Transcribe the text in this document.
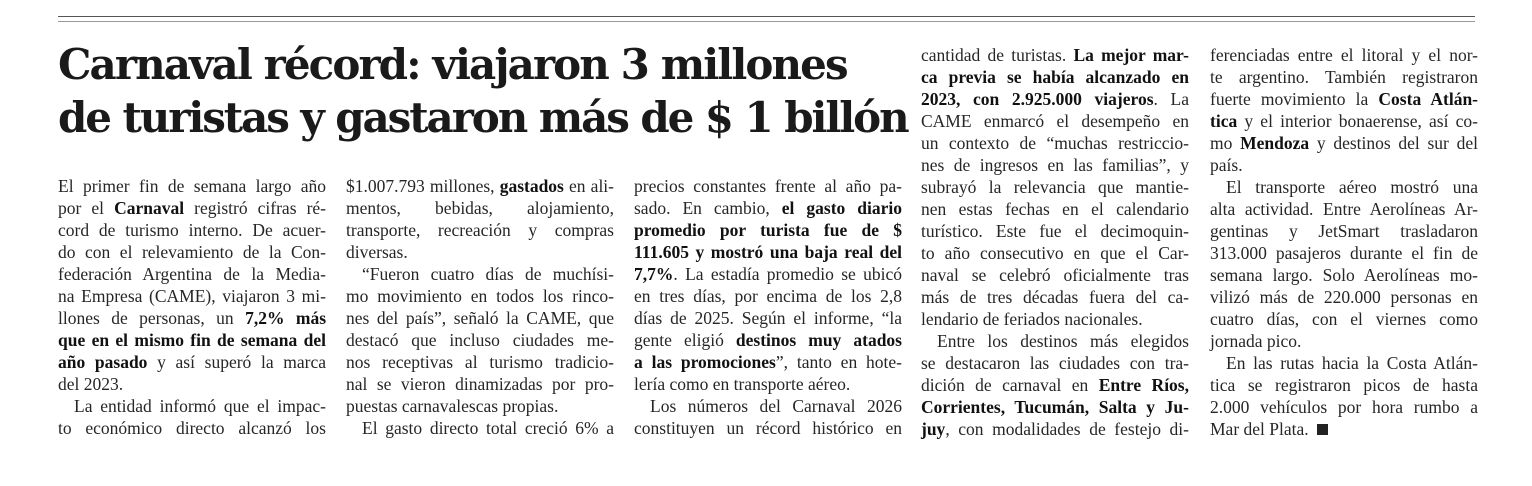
Carnaval récord: viajaron 3 millones
de turistas y gastaron más de $ 1 billón
El primer fin de semana largo año
por el Carnaval registró cifras ré-
cord de turismo interno. De acuer-
do con el relevamiento de la Con-
federación Argentina de la Media-
na Empresa (CAME), viajaron 3 mi-
llones de personas, un 7,2% más
que en el mismo fin de semana del
año pasado y así superó la marca
del 2023.
La entidad informó que el impac-
to económico directo alcanzó los
$1.007.793 millones, gastados en ali-
mentos, bebidas, alojamiento,
transporte, recreación y compras
diversas.
“Fueron cuatro días de muchísi-
mo movimiento en todos los rinco-
nes del país”, señaló la CAME, que
destacó que incluso ciudades me-
nos receptivas al turismo tradicio-
nal se vieron dinamizadas por pro-
puestas carnavalescas propias.
El gasto directo total creció 6% a
precios constantes frente al año pa-
sado. En cambio, el gasto diario
promedio por turista fue de $
111.605 y mostró una baja real del
7,7%. La estadía promedio se ubicó
en tres días, por encima de los 2,8
días de 2025. Según el informe, “la
gente eligió destinos muy atados
a las promociones”, tanto en hote-
lería como en transporte aéreo.
Los números del Carnaval 2026
constituyen un récord histórico en
cantidad de turistas. La mejor mar-
ca previa se había alcanzado en
2023, con 2.925.000 viajeros. La
CAME enmarcó el desempeño en
un contexto de “muchas restriccio-
nes de ingresos en las familias”, y
subrayó la relevancia que mantie-
nen estas fechas en el calendario
turístico. Este fue el decimoquin-
to año consecutivo en que el Car-
naval se celebró oficialmente tras
más de tres décadas fuera del ca-
lendario de feriados nacionales.
Entre los destinos más elegidos
se destacaron las ciudades con tra-
dición de carnaval en Entre Ríos,
Corrientes, Tucumán, Salta y Ju-
juy, con modalidades de festejo di-
ferenciadas entre el litoral y el nor-
te argentino. También registraron
fuerte movimiento la Costa Atlán-
tica y el interior bonaerense, así co-
mo Mendoza y destinos del sur del
país.
El transporte aéreo mostró una
alta actividad. Entre Aerolíneas Ar-
gentinas y JetSmart trasladaron
313.000 pasajeros durante el fin de
semana largo. Solo Aerolíneas mo-
vilizó más de 220.000 personas en
cuatro días, con el viernes como
jornada pico.
En las rutas hacia la Costa Atlán-
tica se registraron picos de hasta
2.000 vehículos por hora rumbo a
Mar del Plata.
